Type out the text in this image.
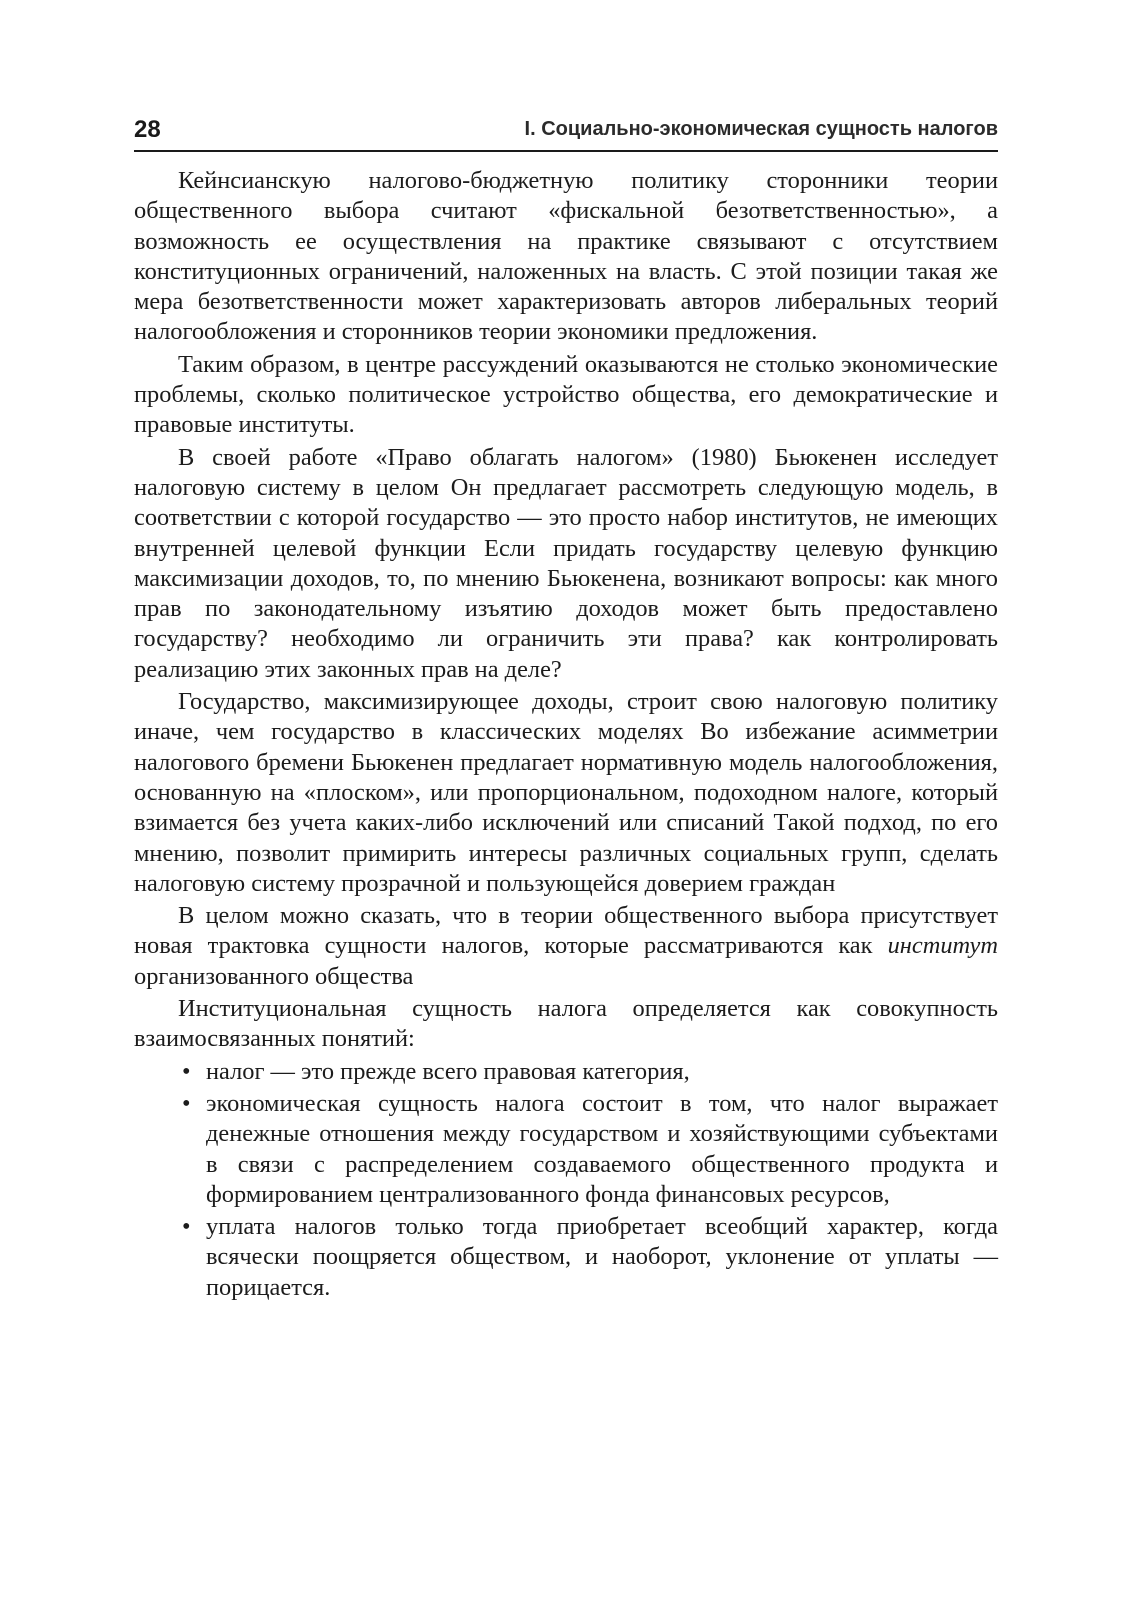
28	I. Социально-экономическая сущность налогов

Кейнсианскую налогово-бюджетную политику сторонники теории общественного выбора считают «фискальной безответственностью», а возможность ее осуществления на практике связывают с отсутствием конституционных ограничений, наложенных на власть. С этой позиции такая же мера безответственности может характеризовать авторов либеральных теорий налогообложения и сторонников теории экономики предложения.

Таким образом, в центре рассуждений оказываются не столько экономические проблемы, сколько политическое устройство общества, его демократические и правовые институты.

В своей работе «Право облагать налогом» (1980) Бьюкенен исследует налоговую систему в целом Он предлагает рассмотреть следующую модель, в соответствии с которой государство — это просто набор институтов, не имеющих внутренней целевой функции Если придать государству целевую функцию максимизации доходов, то, по мнению Бьюкенена, возникают вопросы: как много прав по законодательному изъятию доходов может быть предоставлено государству? необходимо ли ограничить эти права? как контролировать реализацию этих законных прав на деле?

Государство, максимизирующее доходы, строит свою налоговую политику иначе, чем государство в классических моделях Во избежание асимметрии налогового бремени Бьюкенен предлагает нормативную модель налогообложения, основанную на «плоском», или пропорциональном, подоходном налоге, который взимается без учета каких-либо исключений или списаний Такой подход, по его мнению, позволит примирить интересы различных социальных групп, сделать налоговую систему прозрачной и пользующейся доверием граждан

В целом можно сказать, что в теории общественного выбора присутствует новая трактовка сущности налогов, которые рассматриваются как институт организованного общества

Институциональная сущность налога определяется как совокупность взаимосвязанных понятий:

• налог — это прежде всего правовая категория,
• экономическая сущность налога состоит в том, что налог выражает денежные отношения между государством и хозяйствующими субъектами в связи с распределением создаваемого общественного продукта и формированием централизованного фонда финансовых ресурсов,
• уплата налогов только тогда приобретает всеобщий характер, когда всячески поощряется обществом, и наоборот, уклонение от уплаты — порицается.
